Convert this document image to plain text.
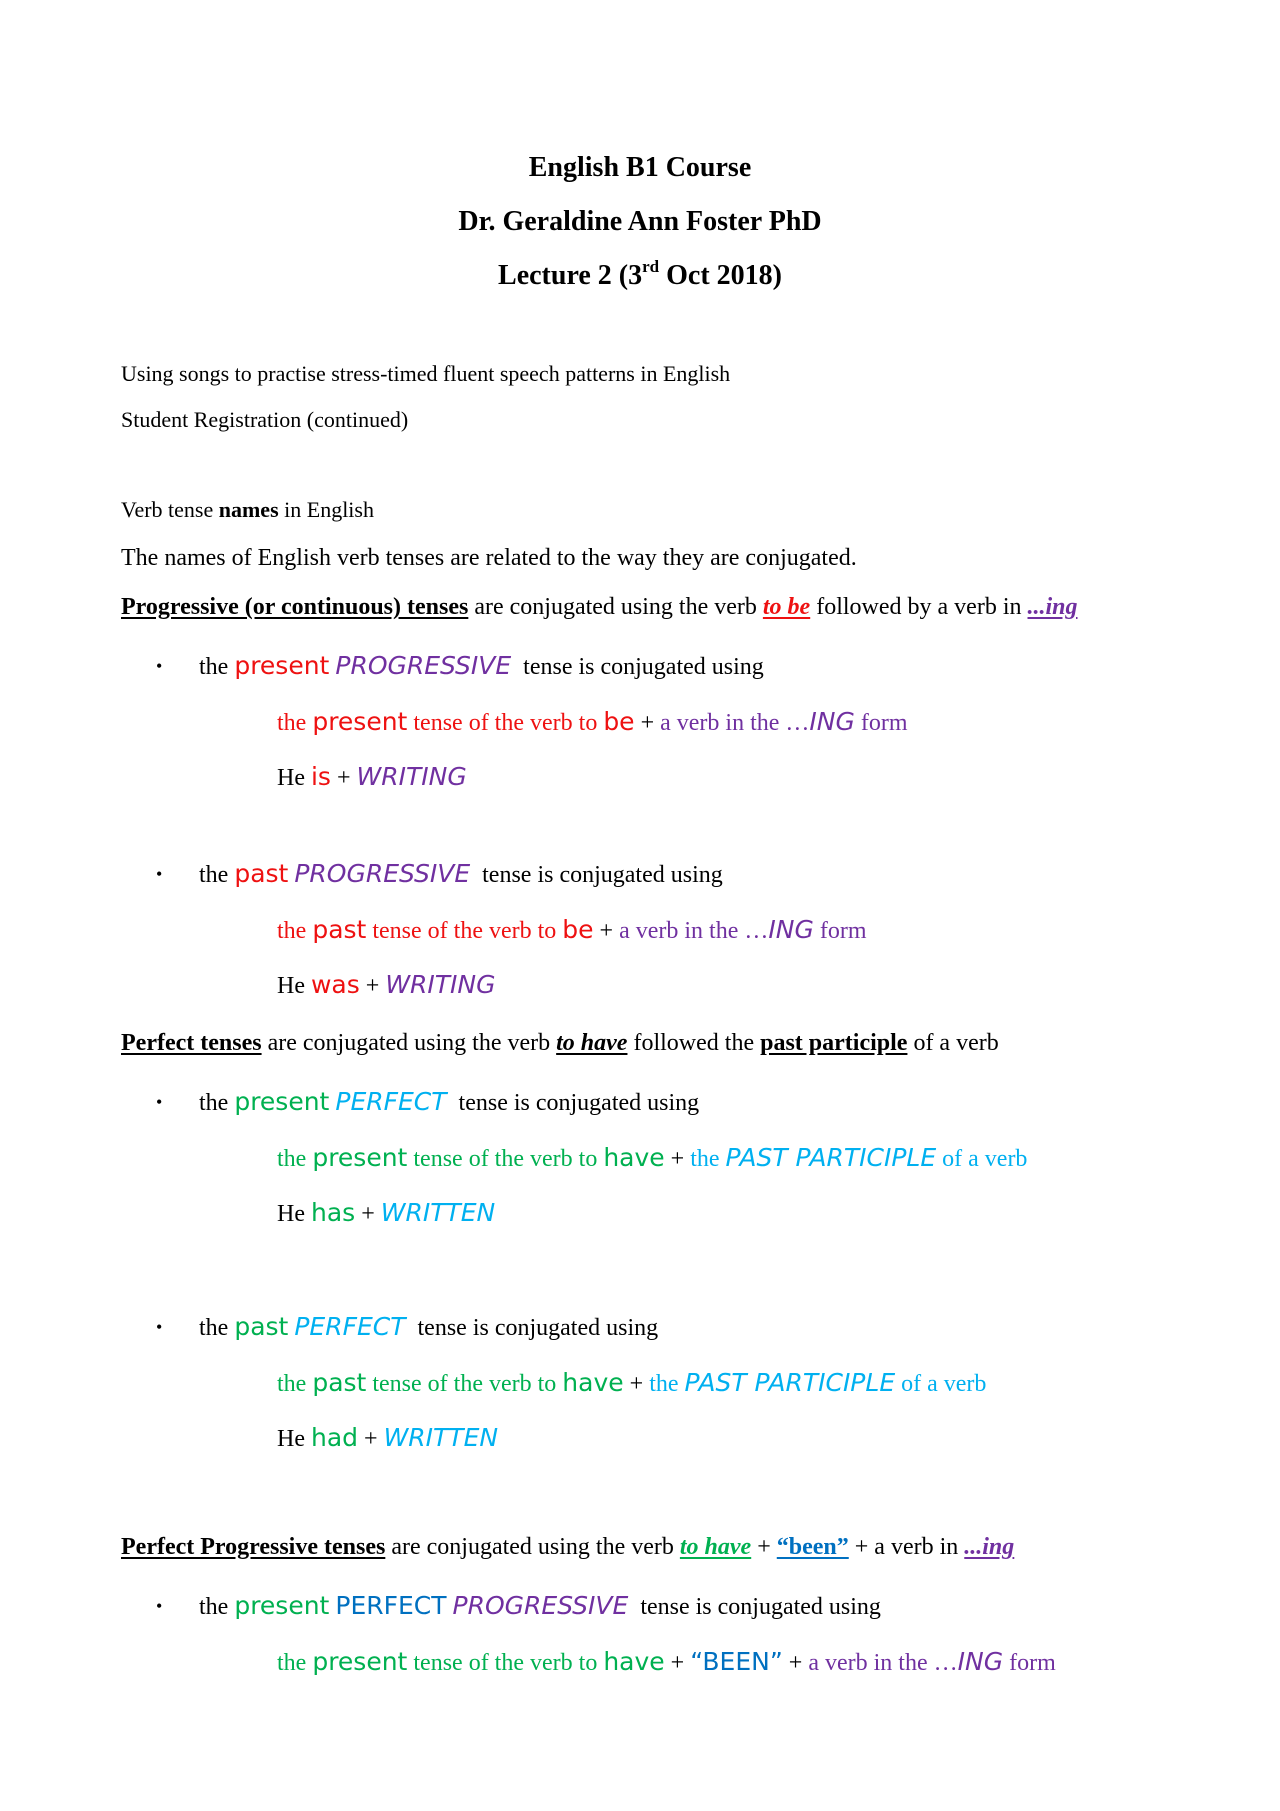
English B1 Course
Dr. Geraldine Ann Foster PhD
Lecture 2 (3rd Oct 2018)
Using songs to practise stress-timed fluent speech patterns in English
Student Registration (continued)
Verb tense names in English
The names of English verb tenses are related to the way they are conjugated.
Progressive (or continuous) tenses are conjugated using the verb to be followed by a verb in ...ing
• the present PROGRESSIVE tense is conjugated using
the present tense of the verb to be + a verb in the …ING form
He is + WRITING
• the past PROGRESSIVE tense is conjugated using
the past tense of the verb to be + a verb in the …ING form
He was + WRITING
Perfect tenses are conjugated using the verb to have followed the past participle of a verb
• the present PERFECT tense is conjugated using
the present tense of the verb to have + the PAST PARTICIPLE of a verb
He has + WRITTEN
• the past PERFECT tense is conjugated using
the past tense of the verb to have + the PAST PARTICIPLE of a verb
He had + WRITTEN
Perfect Progressive tenses are conjugated using the verb to have + “been” + a verb in ...ing
• the present PERFECT PROGRESSIVE tense is conjugated using
the present tense of the verb to have + “BEEN” + a verb in the …ING form
